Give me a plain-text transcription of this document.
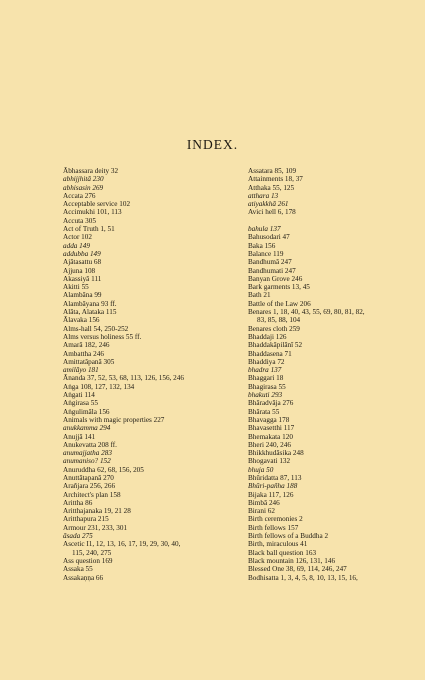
INDEX.
Ābhassara deity 32
abhijjhitā 230
abhisasin 269
Accata 276
Acceptable service 102
Accimukhi 101, 113
Accuta 305
Act of Truth 1, 51
Actor 102
adda 149
addubba 149
Ajātasattu 68
Ajjuna 108
Akassiyā 111
Akitti 55
Alambāna 99
Alambāyana 93 ff.
Alāta, Alataka 115
Ālavaka 156
Alms-hall 54, 250-252
Alms versus holiness 55 ff.
Amarā 182, 246
Ambattha 246
Amittatāpanā 305
amilāyo 181
Ānanda 37, 52, 53, 68, 113, 126, 156, 246
Aṅga 108, 127, 132, 134
Aṅgati 114
Aṅgirasa 55
Aṅgulimāla 156
Animals with magic properties 227
anukkamma 294
Anujjā 141
Anukevatta 208 ff.
anumajjatha 283
anumaniso? 152
Anuruddha 62, 68, 156, 205
Anuttātapanā 270
Arañjara 256, 266
Architect's plan 158
Arittha 86
Aritthajanaka 19, 21 28
Aritthapura 215
Armour 231, 233, 301
āsada 275
Ascetic I1, 12, 13, 16, 17, 19, 29, 30, 40,
115, 240, 275
Ass question 169
Assaka 55
Assakaṇṇa 66
Assatara 85, 109
Attainments 18, 37
Atthaka 55, 125
atthara 13
atiyakkhā 261
Avici hell 6, 178
bahula 137
Bahusodari 47
Baka 156
Balance 119
Bandhumā 247
Bandhumati 247
Banyan Grove 246
Bark garments 13, 45
Bath 21
Battle of the Law 206
Benares 1, 18, 40, 43, 55, 69, 80, 81, 82,
83, 85, 88, 104
Benares cloth 259
Bhaddaji 126
Bhaddakāpilānī 52
Bhaddasena 71
Bhaddiya 72
bhadra 137
Bhaggari 18
Bhagirasa 55
bhakuti 293
Bhāradvāja 276
Bhārata 55
Bhavagga 178
Bhavasetthi 117
Bhemakata 120
Bheri 240, 246
Bhikkhudāsika 248
Bhogavati 132
bhuja 50
Bhūridatta 87, 113
Bhūri-pañha 188
Bijaka 117, 126
Bimbā 246
Birani 62
Birth ceremonies 2
Birth fellows 157
Birth fellows of a Buddha 2
Birth, miraculous 41
Black ball question 163
Black mountain 126, 131, 146
Blessed One 38, 69, 114, 246, 247
Bodhisatta 1, 3, 4, 5, 8, 10, 13, 15, 16,
